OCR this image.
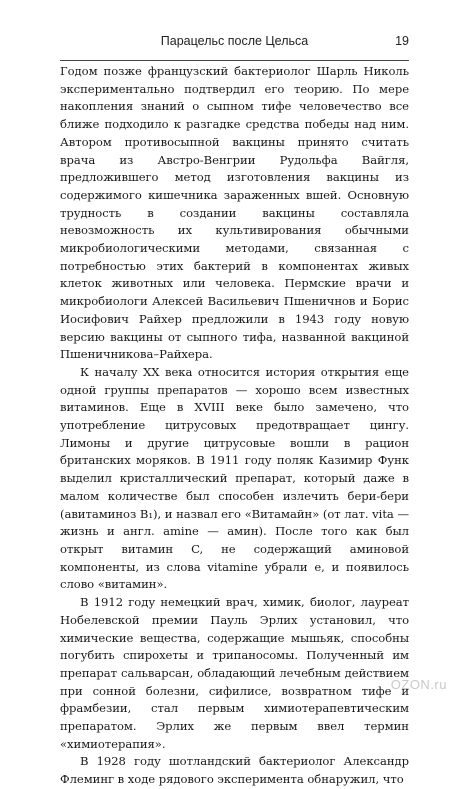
Парацельс после Цельса	19

Годом позже французский бактериолог Шарль Николь экспериментально подтвердил его теорию. По мере накопления знаний о сыпном тифе человечество все ближе подходило к разгадке средства победы над ним. Автором противосыпной вакцины принято считать врача из Австро-Венгрии Рудольфа Вайгля, предложившего метод изготовления вакцины из содержимого кишечника зараженных вшей. Основную трудность в создании вакцины составляла невозможность их культивирования обычными микробиологическими методами, связанная с потребностью этих бактерий в компонентах живых клеток животных или человека. Пермские врачи и микробиологи Алексей Васильевич Пшеничнов и Борис Иосифович Райхер предложили в 1943 году новую версию вакцины от сыпного тифа, названной вакциной Пшеничникова–Райхера.

К началу XX века относится история открытия еще одной группы препаратов — хорошо всем известных витаминов. Еще в XVIII веке было замечено, что употребление цитрусовых предотвращает цингу. Лимоны и другие цитрусовые вошли в рацион британских моряков. В 1911 году поляк Казимир Функ выделил кристаллический препарат, который даже в малом количестве был способен излечить бери-бери (авитаминоз B₁), и назвал его «Витамайн» (от лат. vita — жизнь и англ. amine — амин). После того как был открыт витамин C, не содержащий аминовой компоненты, из слова vitamine убрали e, и появилось слово «витамин».

В 1912 году немецкий врач, химик, биолог, лауреат Нобелевской премии Пауль Эрлих установил, что химические вещества, содержащие мышьяк, способны погубить спирохеты и трипаносомы. Полученный им препарат сальварсан, обладающий лечебным действием при сонной болезни, сифилисе, возвратном тифе и фрамбезии, стал первым химиотерапевтическим препаратом. Эрлих же первым ввел термин «химиотерапия».

В 1928 году шотландский бактериолог Александр Флеминг в ходе рядового эксперимента обнаружил, что

OZON.ru
